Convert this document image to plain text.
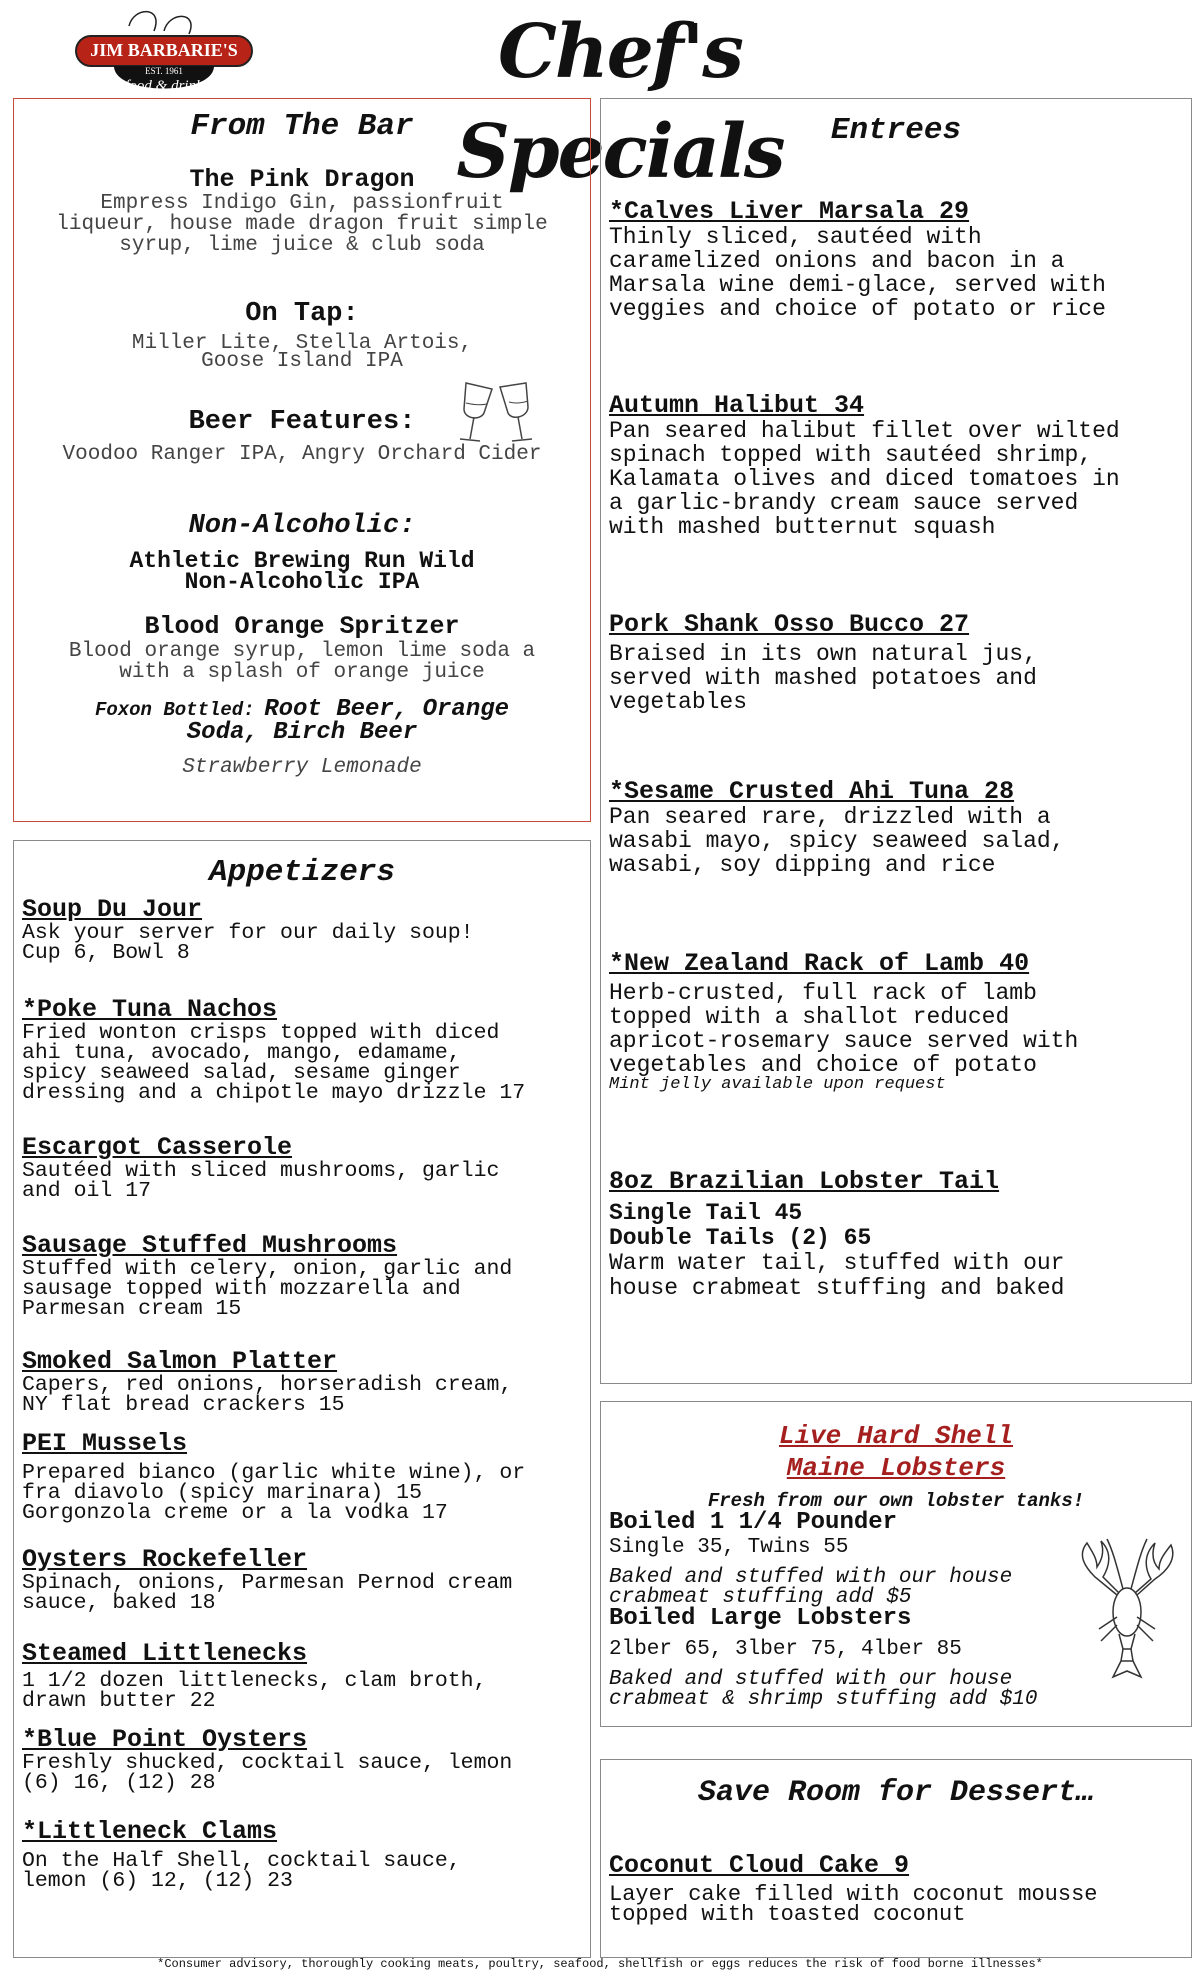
JIM BARBARIE'S
EST. 1961
food & drink	Chef's Specials
From The Bar
The Pink Dragon
Empress Indigo Gin, passionfruit
liqueur, house made dragon fruit simple
syrup, lime juice & club soda
On Tap:
Miller Lite, Stella Artois,
Goose Island IPA
Beer Features:
Voodoo Ranger IPA, Angry Orchard Cider
Non-Alcoholic:
Athletic Brewing Run Wild
Non-Alcoholic IPA
Blood Orange Spritzer
Blood orange syrup, lemon lime soda a
with a splash of orange juice
Foxon Bottled: Root Beer, Orange
Soda, Birch Beer
Strawberry Lemonade
Appetizers
Soup Du Jour
Ask your server for our daily soup!
Cup 6, Bowl 8
*Poke Tuna Nachos
Fried wonton crisps topped with diced
ahi tuna, avocado, mango, edamame,
spicy seaweed salad, sesame ginger
dressing and a chipotle mayo drizzle 17
Escargot Casserole
Sautéed with sliced mushrooms, garlic
and oil 17
Sausage Stuffed Mushrooms
Stuffed with celery, onion, garlic and
sausage topped with mozzarella and
Parmesan cream 15
Smoked Salmon Platter
Capers, red onions, horseradish cream,
NY flat bread crackers 15
PEI Mussels
Prepared bianco (garlic white wine), or
fra diavolo (spicy marinara) 15
Gorgonzola creme or a la vodka 17
Oysters Rockefeller
Spinach, onions, Parmesan Pernod cream
sauce, baked 18
Steamed Littlenecks
1 1/2 dozen littlenecks, clam broth,
drawn butter 22
*Blue Point Oysters
Freshly shucked, cocktail sauce, lemon
(6) 16, (12) 28
*Littleneck Clams
On the Half Shell, cocktail sauce,
lemon (6) 12, (12) 23
Entrees
*Calves Liver Marsala 29
Thinly sliced, sautéed with
caramelized onions and bacon in a
Marsala wine demi-glace, served with
veggies and choice of potato or rice
Autumn Halibut 34
Pan seared halibut fillet over wilted
spinach topped with sautéed shrimp,
Kalamata olives and diced tomatoes in
a garlic-brandy cream sauce served
with mashed butternut squash
Pork Shank Osso Bucco 27
Braised in its own natural jus,
served with mashed potatoes and
vegetables
*Sesame Crusted Ahi Tuna 28
Pan seared rare, drizzled with a
wasabi mayo, spicy seaweed salad,
wasabi, soy dipping and rice
*New Zealand Rack of Lamb 40
Herb-crusted, full rack of lamb
topped with a shallot reduced
apricot-rosemary sauce served with
vegetables and choice of potato
Mint jelly available upon request
8oz Brazilian Lobster Tail
Single Tail 45
Double Tails (2) 65
Warm water tail, stuffed with our
house crabmeat stuffing and baked
Live Hard Shell
Maine Lobsters
Fresh from our own lobster tanks!
Boiled 1 1/4 Pounder
Single 35, Twins 55
Baked and stuffed with our house
crabmeat stuffing add $5
Boiled Large Lobsters
2lber 65, 3lber 75, 4lber 85
Baked and stuffed with our house
crabmeat & shrimp stuffing add $10
Save Room for Dessert…
Coconut Cloud Cake 9
Layer cake filled with coconut mousse
topped with toasted coconut
*Consumer advisory, thoroughly cooking meats, poultry, seafood, shellfish or eggs reduces the risk of food borne illnesses*
